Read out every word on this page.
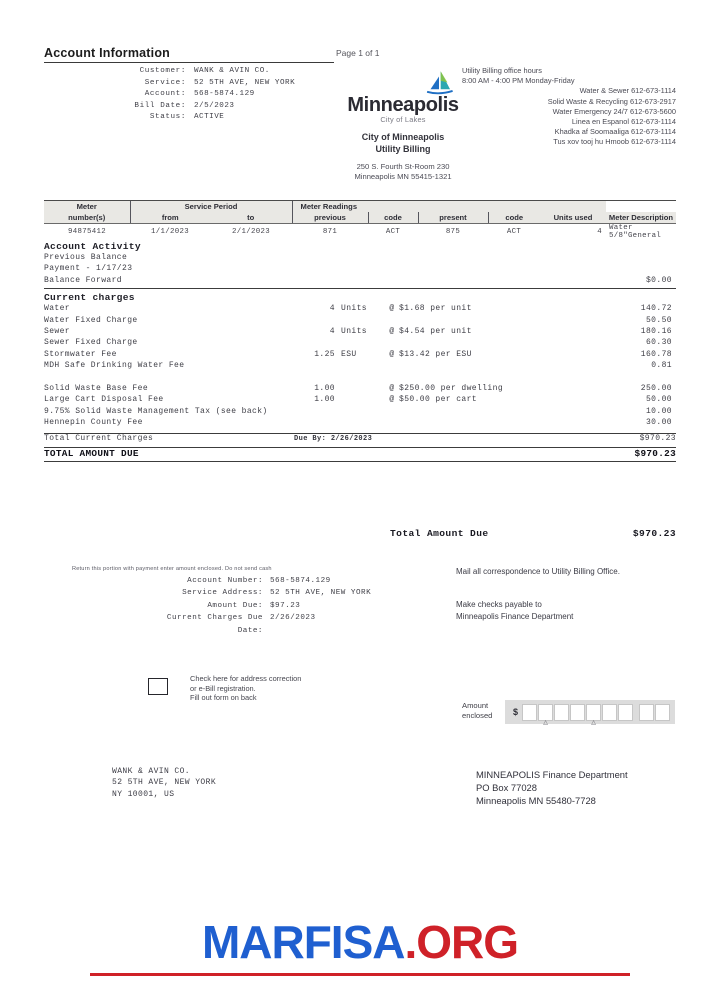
Account Information	Page 1 of 1
Customer:	WANK & AVIN CO.
Service:	52 5TH AVE, NEW YORK
Account:	568-5874.129
Bill Date:	2/5/2023
Status:	ACTIVE
Minneapolis
City of Lakes
City of Minneapolis
Utility Billing
250 S. Fourth St-Room 230
Minneapolis MN 55415-1321
Utility Billing office hours
8:00 AM - 4:00 PM Monday-Friday
Water & Sewer 612-673-1114
Solid Waste & Recycling 612-673-2917
Water Emergency 24/7 612-673-5600
Linea en Espanol 612-673-1114
Khadka af Soomaaliga 612-673-1114
Tus xov tooj hu Hmoob 612-673-1114
Meter	Service Period		Meter Readings					
number(s)	from	to	previous	code	present	code	Units used	Meter Description
94875412	1/1/2023	2/1/2023	871	ACT	875	ACT	4	Water 5/8"General
Account Activity
Previous Balance
Payment - 1/17/23
Balance Forward	$0.00
Current charges
Water	4 Units	@ $1.68 per unit	140.72
Water Fixed Charge	50.50
Sewer	4 Units	@ $4.54 per unit	180.16
Sewer Fixed Charge	60.30
Stormwater Fee	1.25 ESU	@ $13.42 per ESU	160.78
MDH Safe Drinking Water Fee	0.81
Solid Waste Base Fee	1.00	@ $250.00 per dwelling	250.00
Large Cart Disposal Fee	1.00	@ $50.00 per cart	50.00
9.75% Solid Waste Management Tax (see back)	10.00
Hennepin County Fee	30.00
Total Current Charges	Due By: 2/26/2023	$970.23
TOTAL AMOUNT DUE	$970.23
Total Amount Due	$970.23
Return this portion with payment enter amount enclosed. Do not send cash
Account Number: 568-5874.129
Service Address: 52 5TH AVE, NEW YORK
Amount Due: $97.23
Current Charges Due Date:
2/26/2023
Mail all correspondence to Utility Billing Office.
Make checks payable to
Minneapolis Finance Department
Check here for address correction
or e-Bill registration.
Fill out form on back
Amount
enclosed	$
△	△
WANK & AVIN CO.
52 5TH AVE, NEW YORK
NY 10001, US
MINNEAPOLIS Finance Department
PO Box 77028
Minneapolis MN 55480-7728
MARFISA.ORG
